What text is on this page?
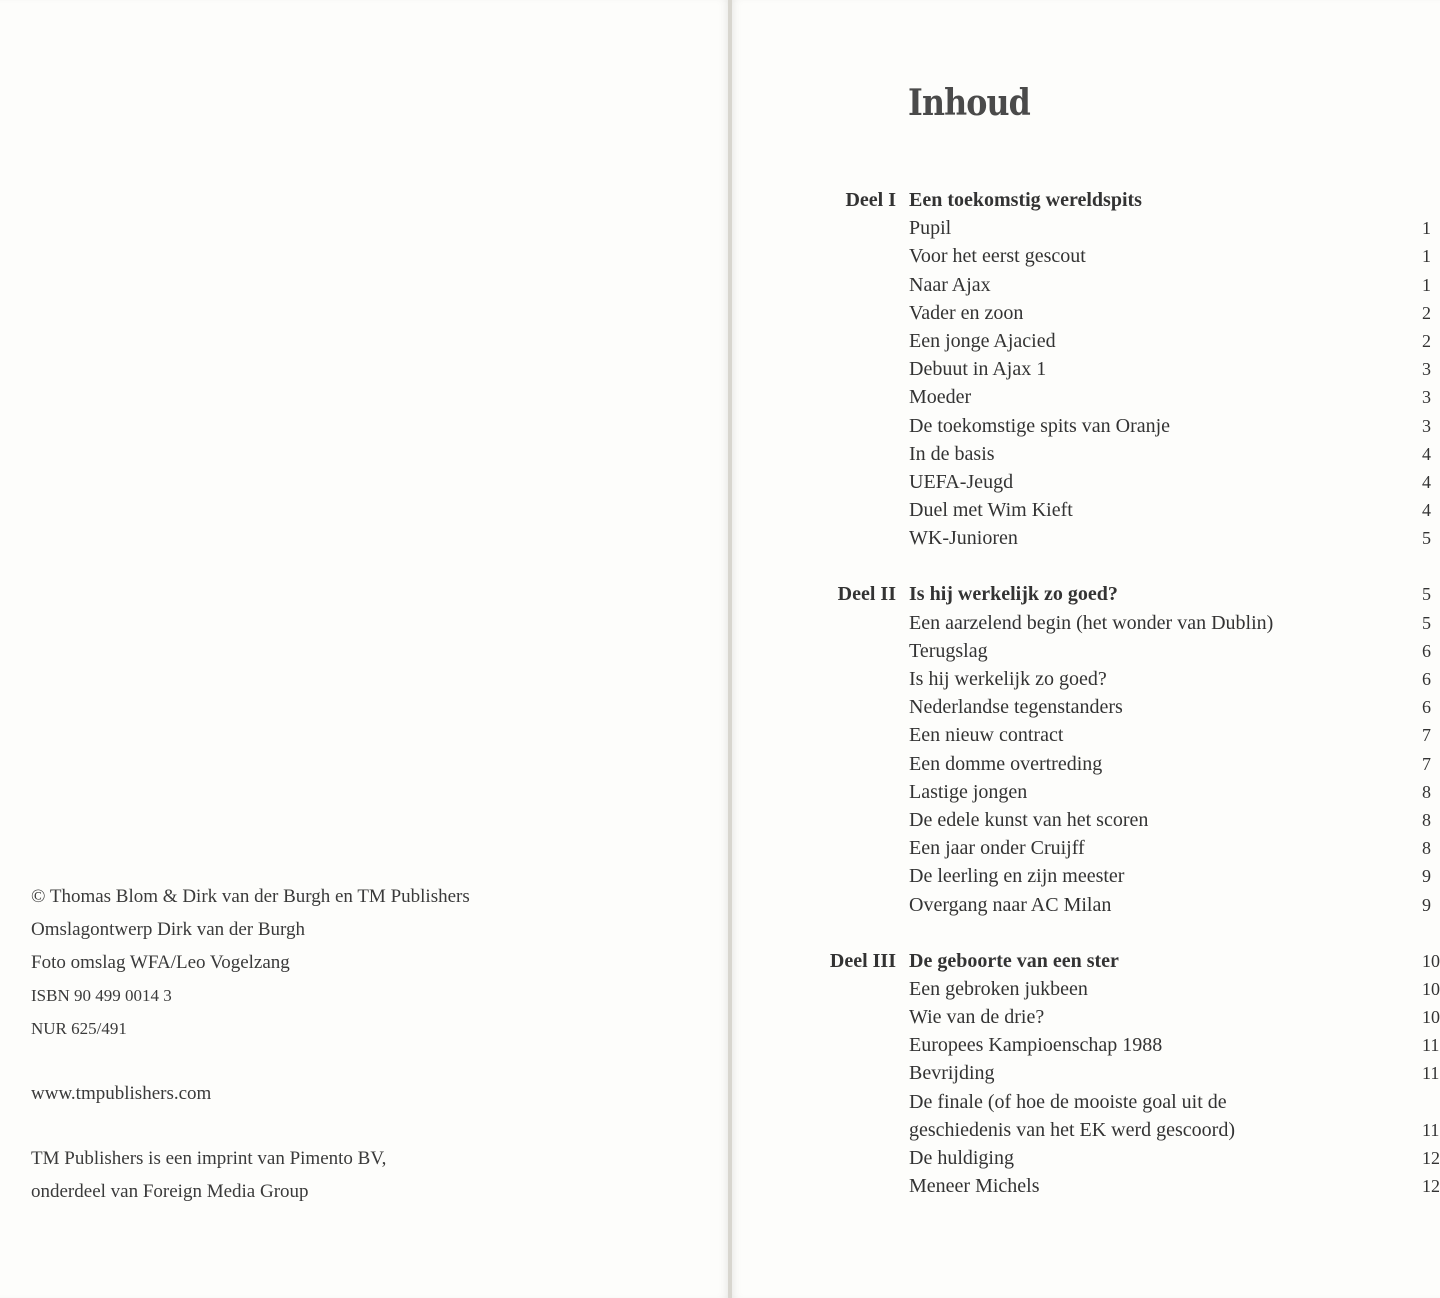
© Thomas Blom & Dirk van der Burgh en TM Publishers
Omslagontwerp Dirk van der Burgh
Foto omslag WFA/Leo Vogelzang
ISBN 90 499 0014 3
NUR 625/491
www.tmpublishers.com
TM Publishers is een imprint van Pimento BV,
onderdeel van Foreign Media Group
Inhoud
Deel I Een toekomstig wereldspits
Pupil	1
Voor het eerst gescout	1
Naar Ajax	1
Vader en zoon	2
Een jonge Ajacied	2
Debuut in Ajax 1	3
Moeder	3
De toekomstige spits van Oranje	3
In de basis	4
UEFA-Jeugd	4
Duel met Wim Kieft	4
WK-Junioren	5
Deel II Is hij werkelijk zo goed?	5
Een aarzelend begin (het wonder van Dublin)	5
Terugslag	6
Is hij werkelijk zo goed?	6
Nederlandse tegenstanders	6
Een nieuw contract	7
Een domme overtreding	7
Lastige jongen	8
De edele kunst van het scoren	8
Een jaar onder Cruijff	8
De leerling en zijn meester	9
Overgang naar AC Milan	9
Deel III De geboorte van een ster	10
Een gebroken jukbeen	10
Wie van de drie?	10
Europees Kampioenschap 1988	11
Bevrijding	11
De finale (of hoe de mooiste goal uit de
geschiedenis van het EK werd gescoord)	11
De huldiging	12
Meneer Michels	12
